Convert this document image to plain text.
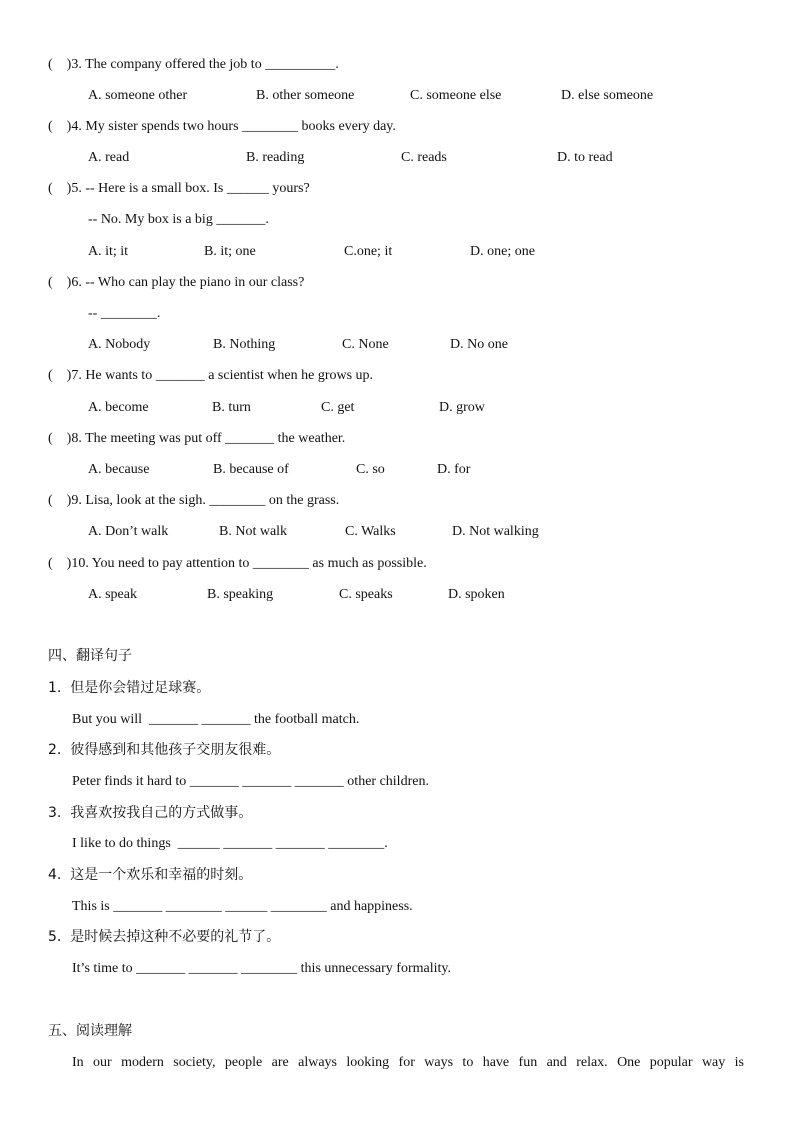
(    )3. The company offered the job to __________.
A. someone other	B. other someone	C. someone else	D. else someone
(    )4. My sister spends two hours ________ books every day.
A. read	B. reading	C. reads	D. to read
(    )5. -- Here is a small box. Is ______ yours?
-- No. My box is a big _______.
A. it; it	B. it; one	C.one; it	D. one; one
(    )6. -- Who can play the piano in our class?
-- ________.
A. Nobody	B. Nothing	C. None	D. No one
(    )7. He wants to _______ a scientist when he grows up.
A. become	B. turn	C. get	D. grow
(    )8. The meeting was put off _______ the weather.
A. because	B. because of	C. so	D. for
(    )9. Lisa, look at the sigh. ________ on the grass.
A. Don’t walk	B. Not walk	C. Walks	D. Not walking
(    )10. You need to pay attention to ________ as much as possible.
A. speak	B. speaking	C. speaks	D. spoken
四、翻译句子
1.  但是你会错过足球赛。
But you will  _______ _______ the football match.
2.  彼得感到和其他孩子交朋友很难。
Peter finds it hard to _______ _______ _______ other children.
3.  我喜欢按我自己的方式做事。
I like to do things  ______ _______ _______ ________.
4.  这是一个欢乐和幸福的时刻。
This is _______ ________ ______ ________ and happiness.
5.  是时候去掉这种不必要的礼节了。
It’s time to _______ _______ ________ this unnecessary formality.
五、阅读理解
In our modern society, people are always looking for ways to have fun and relax. One popular way is
